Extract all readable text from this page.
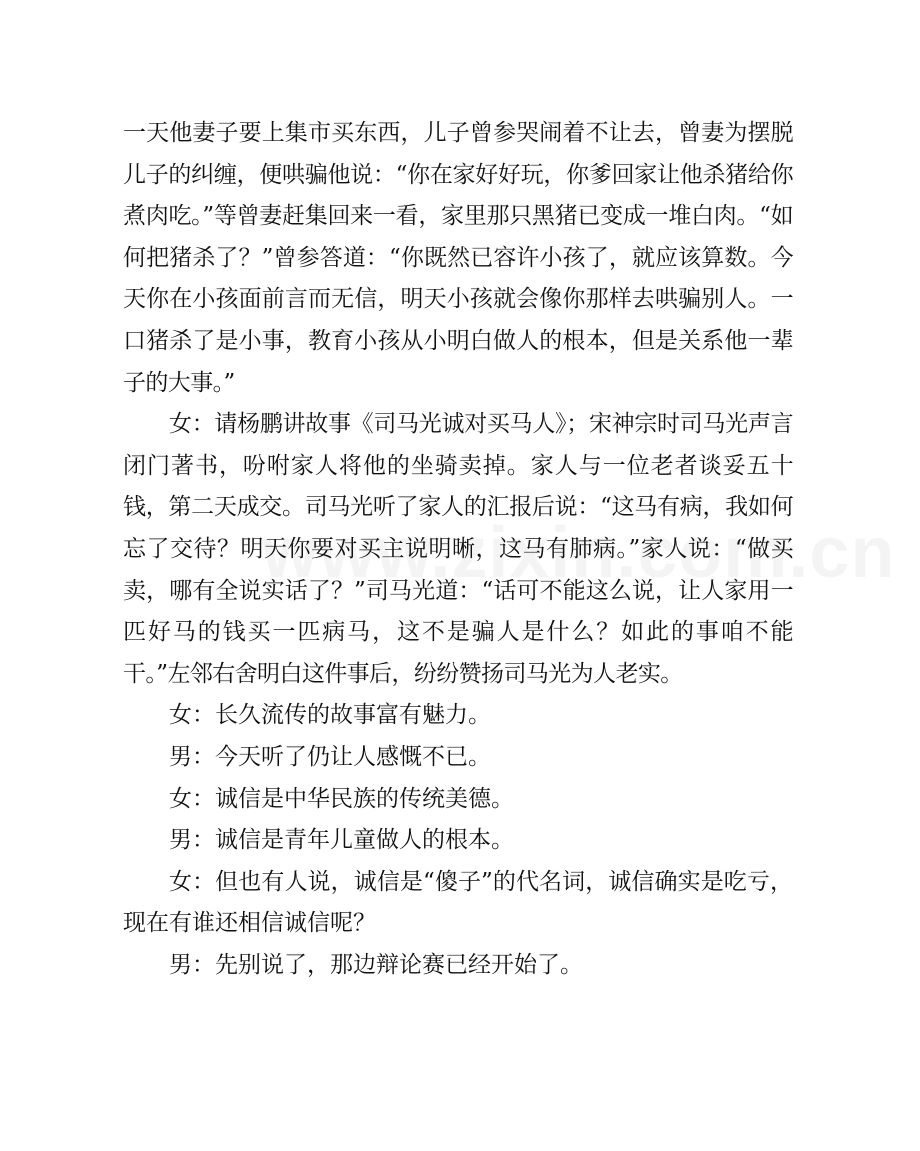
一天他妻子要上集市买东西，儿子曾参哭闹着不让去，曾妻为摆脱儿子的纠缠，便哄骗他说：“你在家好好玩，你爹回家让他杀猪给你煮肉吃。”等曾妻赶集回来一看，家里那只黑猪已变成一堆白肉。“如何把猪杀了？”曾参答道：“你既然已容许小孩了，就应该算数。今天你在小孩面前言而无信，明天小孩就会像你那样去哄骗别人。一口猪杀了是小事，教育小孩从小明白做人的根本，但是关系他一辈子的大事。”

女：请杨鹏讲故事《司马光诚对买马人》；宋神宗时司马光声言闭门著书，吩咐家人将他的坐骑卖掉。家人与一位老者谈妥五十钱，第二天成交。司马光听了家人的汇报后说：“这马有病，我如何忘了交待？明天你要对买主说明晰，这马有肺病。”家人说：“做买卖，哪有全说实话了？”司马光道：“话可不能这么说，让人家用一匹好马的钱买一匹病马，这不是骗人是什么？如此的事咱不能干。”左邻右舍明白这件事后，纷纷赞扬司马光为人老实。

女：长久流传的故事富有魅力。

男：今天听了仍让人感慨不已。

女：诚信是中华民族的传统美德。

男：诚信是青年儿童做人的根本。

女：但也有人说，诚信是“傻子”的代名词，诚信确实是吃亏，现在有谁还相信诚信呢？

男：先别说了，那边辩论赛已经开始了。
